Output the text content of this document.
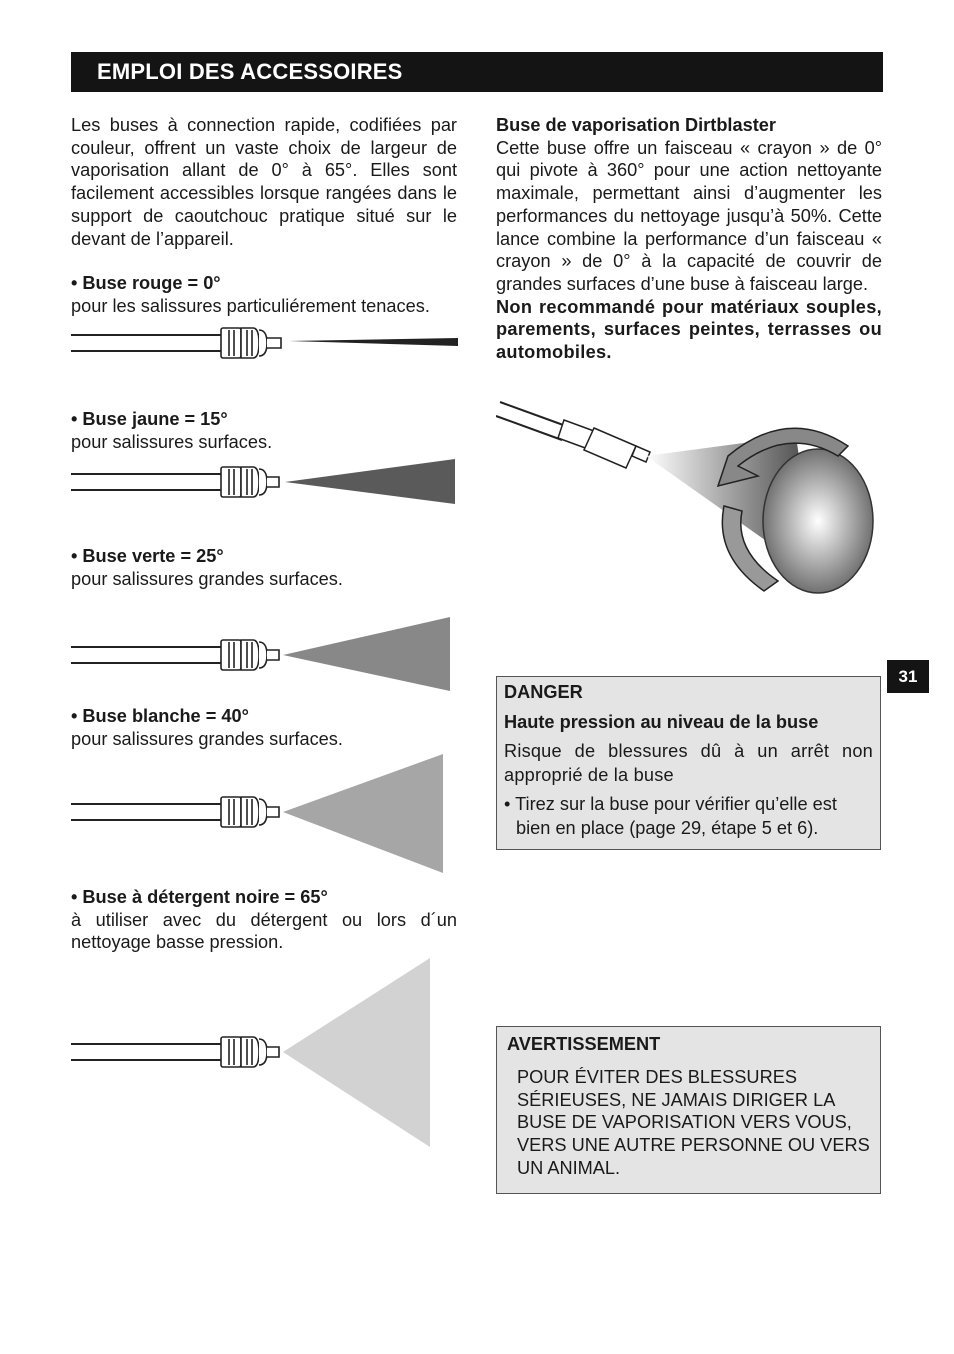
EMPLOI DES ACCESSOIRES
31

Les buses à connection rapide, codifiées par couleur, offrent un vaste choix de largeur de vaporisation allant de 0° à 65°. Elles sont facilement accessibles lorsque rangées dans le support de caoutchouc pratique situé sur le devant de l’appareil.

• Buse rouge = 0°

pour les salissures particuliérement tenaces.

• Buse jaune = 15°

pour salissures surfaces.

• Buse verte = 25°

pour salissures grandes surfaces.

• Buse blanche = 40°

pour salissures grandes surfaces.

• Buse à détergent noire = 65°

à utiliser avec du détergent ou lors d´un nettoyage basse pression.

Buse de vaporisation Dirtblaster

Cette buse offre un faisceau « crayon » de 0° qui pivote à 360° pour une action nettoyante maximale, permettant ainsi d’augmenter les performances du nettoyage jusqu’à 50%. Cette lance combine la performance d’un faisceau « crayon » de 0° à la capacité de couvrir de grandes surfaces d’une buse à faisceau large.

Non recommandé pour matériaux souples, parements, surfaces peintes, terrasses ou automobiles.

DANGER

Haute pression au niveau de la buse

Risque de blessures dû à un arrêt non approprié de la buse

• Tirez sur la buse pour vérifier qu’elle est bien en place (page 29, étape 5 et 6).

AVERTISSEMENT

POUR ÉVITER DES BLESSURES SÉRIEUSES, NE JAMAIS DIRIGER LA BUSE DE VAPORISATION VERS VOUS, VERS UNE AUTRE PERSONNE OU VERS UN ANIMAL.
